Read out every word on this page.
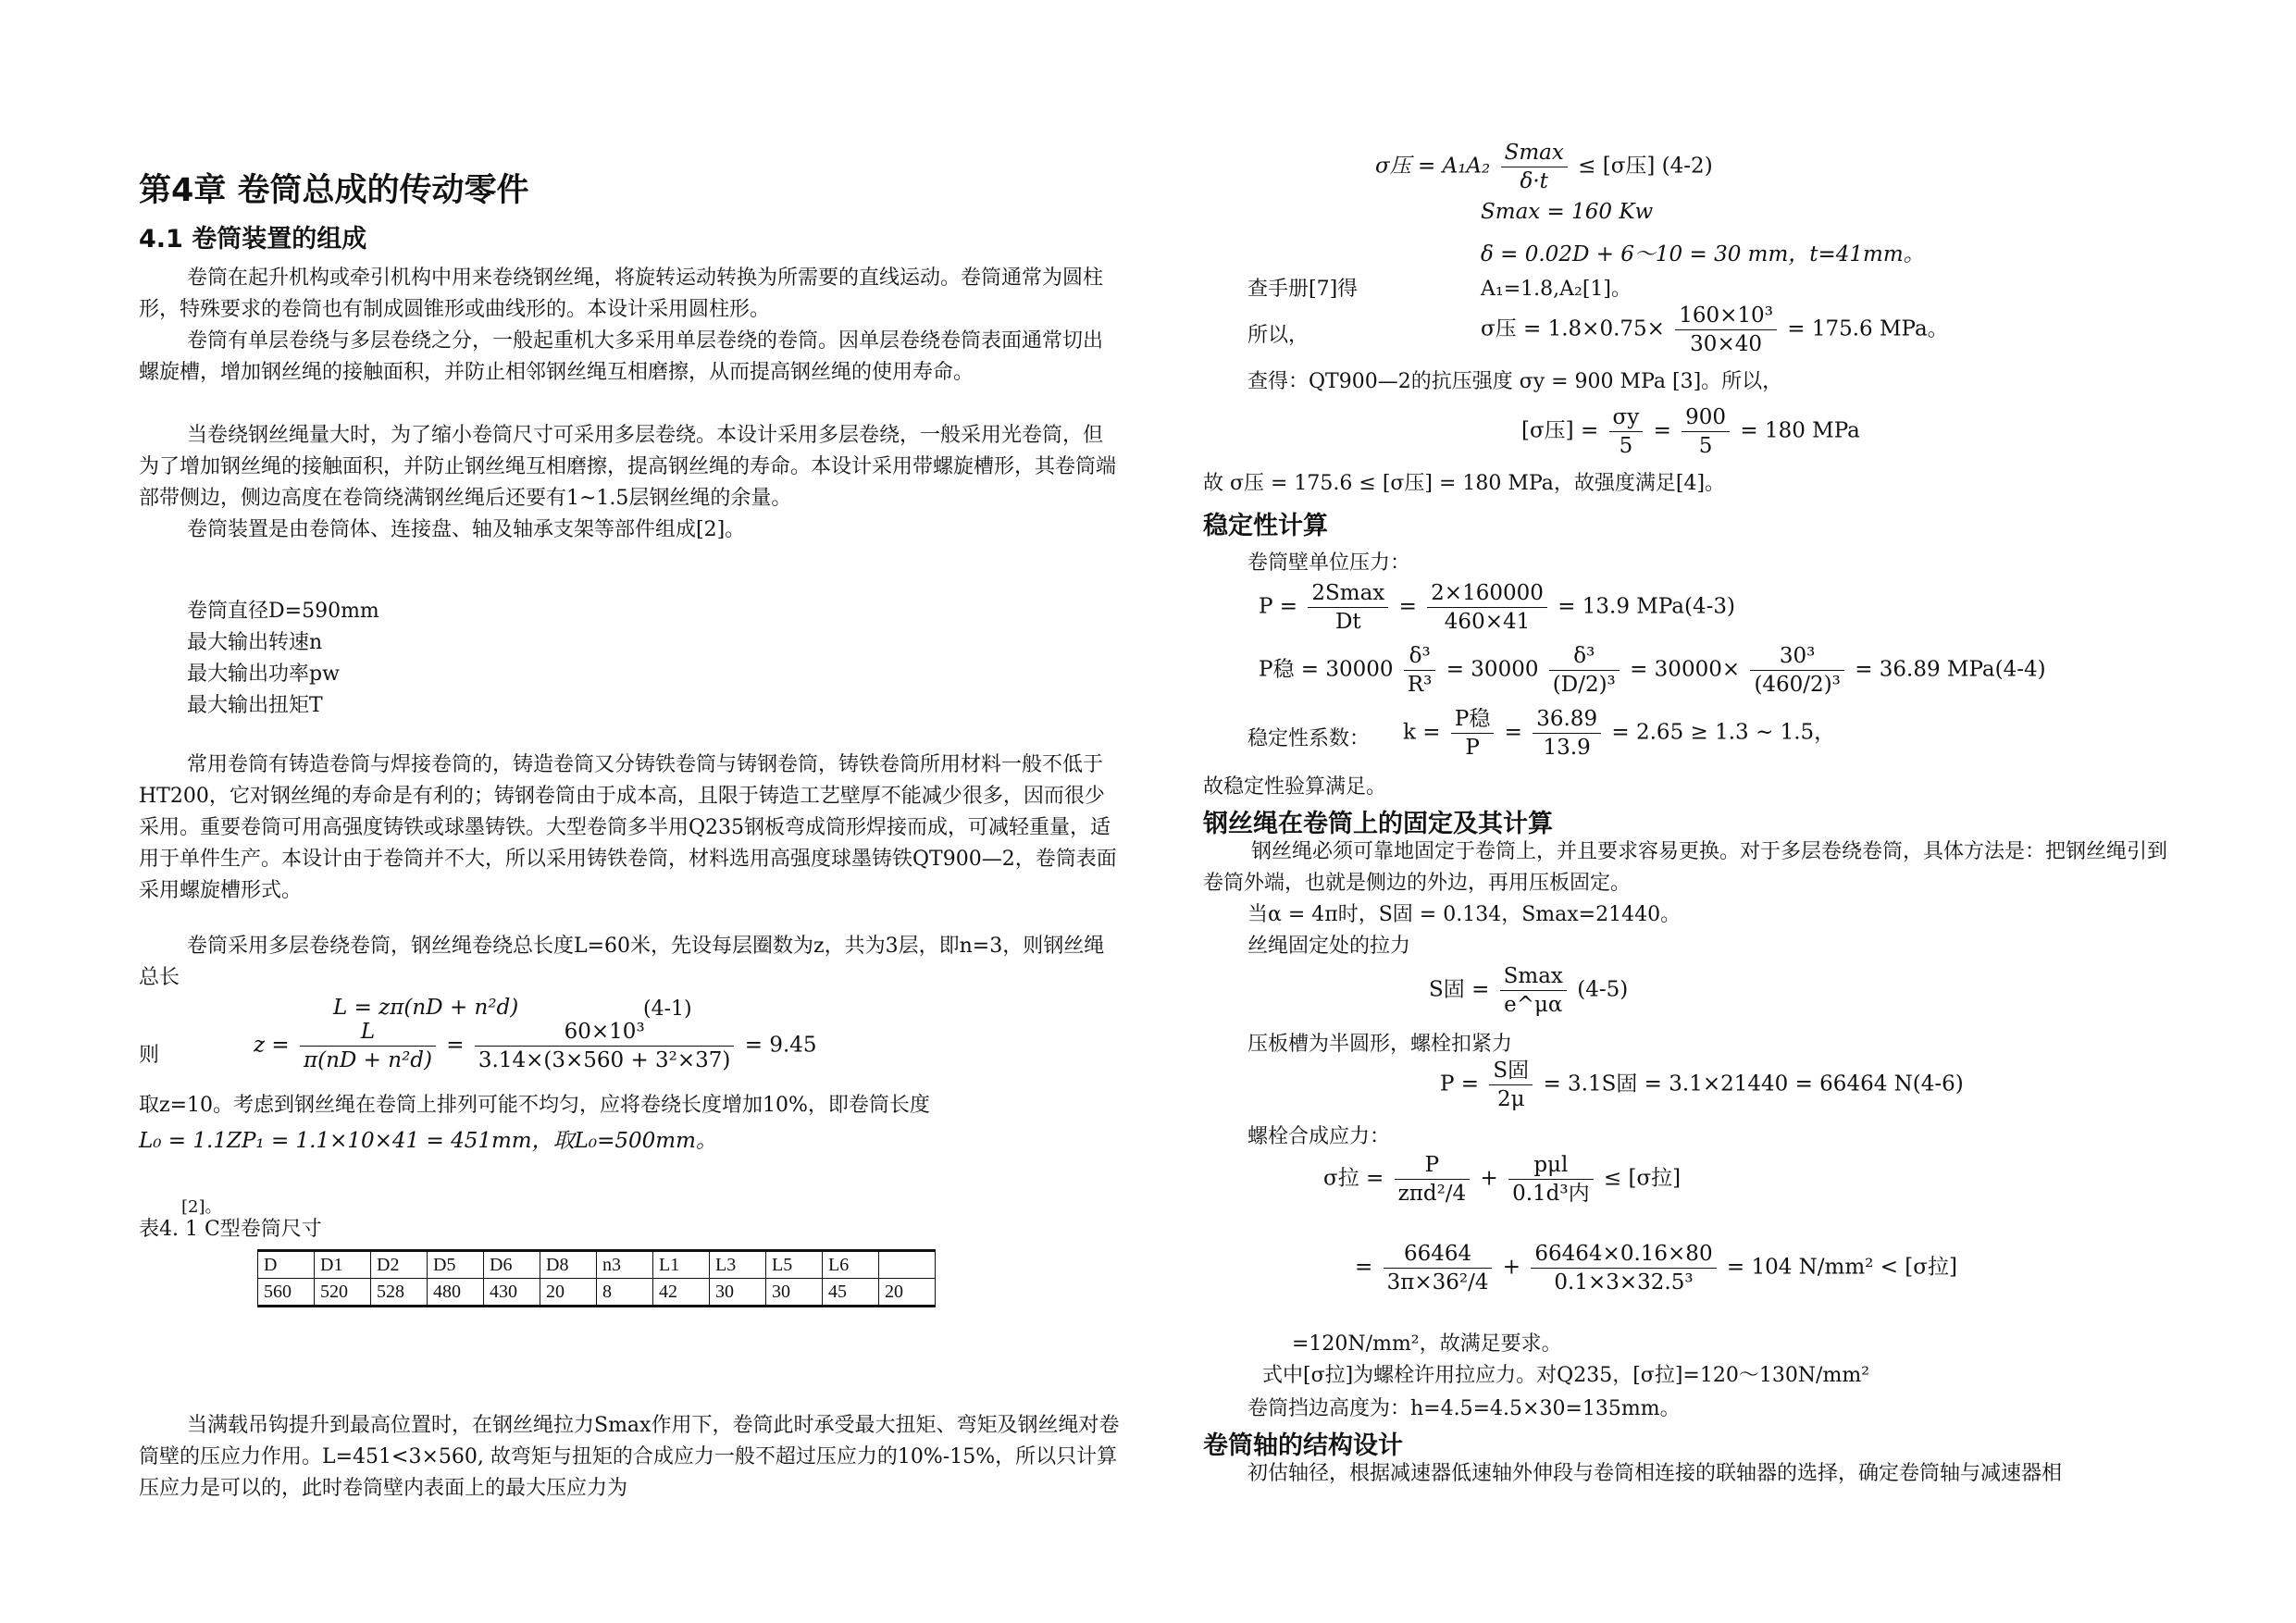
第4章 卷筒总成的传动零件
4.1 卷筒装置的组成
卷筒在起升机构或牵引机构中用来卷绕钢丝绳，将旋转运动转换为所需要的直线运动。卷筒通常为圆柱形，特殊要求的卷筒也有制成圆锥形或曲线形的。本设计采用圆柱形。
卷筒有单层卷绕与多层卷绕之分，一般起重机大多采用单层卷绕的卷筒。因单层卷绕卷筒表面通常切出螺旋槽，增加钢丝绳的接触面积，并防止相邻钢丝绳互相磨擦，从而提高钢丝绳的使用寿命。
当卷绕钢丝绳量大时，为了缩小卷筒尺寸可采用多层卷绕。本设计采用多层卷绕，一般采用光卷筒，但为了增加钢丝绳的接触面积，并防止钢丝绳互相磨擦，提高钢丝绳的寿命。本设计采用带螺旋槽形，其卷筒端部带侧边，侧边高度在卷筒绕满钢丝绳后还要有1~1.5层钢丝绳的余量。
卷筒装置是由卷筒体、连接盘、轴及轴承支架等部件组成[2]。
卷筒直径D=590mm
最大输出转速n
最大输出功率pw
最大输出扭矩T
常用卷筒有铸造卷筒与焊接卷筒的，铸造卷筒又分铸铁卷筒与铸钢卷筒，铸铁卷筒所用材料一般不低于HT200，它对钢丝绳的寿命是有利的；铸钢卷筒由于成本高，且限于铸造工艺壁厚不能减少很多，因而很少采用。重要卷筒可用高强度铸铁或球墨铸铁。大型卷筒多半用Q235钢板弯成筒形焊接而成，可减轻重量，适用于单件生产。本设计由于卷筒并不大，所以采用铸铁卷筒，材料选用高强度球墨铸铁QT900—2，卷筒表面采用螺旋槽形式。
卷筒采用多层卷绕卷筒，钢丝绳卷绕总长度L=60米，先设每层圈数为z，共为3层，即n=3，则钢丝绳总长
L = zπ(nD + n²d)	(4-1)
则	$z = \frac{L}{\text{π(nD + n²d)}} = \frac{\text{60×10³}}{\text{3.14×(3×560 + 3²×37)}} = 9.45$
取z=10。考虑到钢丝绳在卷筒上排列可能不均匀，应将卷绕长度增加10%，即卷筒长度
L₀ = 1.1ZP₁ = 1.1×10×41 = 451mm，取L₀=500mm。
[2]。
表4. 1 C型卷筒尺寸
D	D1	D2	D5	D6	D8	n3	L1	L3	L5	L6	
560	520	528	480	430	20	8	42	30	30	45	20
当满载吊钩提升到最高位置时，在钢丝绳拉力Smax作用下，卷筒此时承受最大扭矩、弯矩及钢丝绳对卷筒壁的压应力作用。L=451<3×560, 故弯矩与扭矩的合成应力一般不超过压应力的10%-15%，所以只计算压应力是可以的，此时卷筒壁内表面上的最大压应力为
σ压 = $A_1A_2 \frac{Smax}{\delta\cdot t} \le [\sigma$压] (4-2)
Smax = 160 Kw
δ = 0.02D + 6～10 = 30 mm，t=41mm。
查手册[7]得	A₁=1.8,A₂[1]。
所以，	σ压 = $1.8\times 0.75\times \frac{\text{160×10³}}{30\times 40} = 175.6$ MPa。
查得：QT900—2的抗压强度 σy = 900 MPa [3]。所以，
[σ压] = $\frac{\sigma y}{5} = \frac{900}{5} = 180$ MPa
故 σ压 = 175.6 ≤ [σ压] = 180 MPa，故强度满足[4]。
稳定性计算
卷筒壁单位压力：
$P = \frac{2Smax}{Dt} = \frac{2\times 160000}{460\times 41} = 13.9$ MPa(4-3)
P稳 = $30000 \frac{\text{δ³}}{\text{R³}} = 30000 \frac{\text{δ³}}{\text{(D/2)³}} = 30000\times \frac{\text{30³}}{\text{(460/2)³}} = 36.89$ MPa(4-4)
稳定性系数： $k = \frac{\text{P稳}}{P} = \frac{36.89}{13.9} = 2.65 \ge 1.3$ ~ 1.5，
故稳定性验算满足。
钢丝绳在卷筒上的固定及其计算
钢丝绳必须可靠地固定于卷筒上，并且要求容易更换。对于多层卷绕卷筒，具体方法是：把钢丝绳引到卷筒外端，也就是侧边的外边，再用压板固定。
当α = 4π时，S固 = 0.134，Smax=21440。
丝绳固定处的拉力
S固 = $\frac{Smax}{e\^{}\mu\alpha} (4-5)$
压板槽为半圆形，螺栓扣紧力
$P = \frac{\text{S固}}{2\mu} = 3.1S$固 = 3.1×21440 = 66464 N(4-6)
螺栓合成应力：
σ拉 = $\frac{P}{\text{zπd²/4}} + \frac{\text{pμl}}{\text{0.1d³内}} \le [\sigma$拉]
= $\frac{66464}{\text{3π×36²/4}} + \frac{66464\times 0.16\times 80}{\text{0.1×3×32.5³}} = 104$ N/mm² < [σ拉]
=120N/mm²，故满足要求。
式中[σ拉]为螺栓许用拉应力。对Q235，[σ拉]=120～130N/mm²
卷筒挡边高度为：h=4.5=4.5×30=135mm。
卷筒轴的结构设计
初估轴径，根据减速器低速轴外伸段与卷筒相连接的联轴器的选择，确定卷筒轴与减速器相
